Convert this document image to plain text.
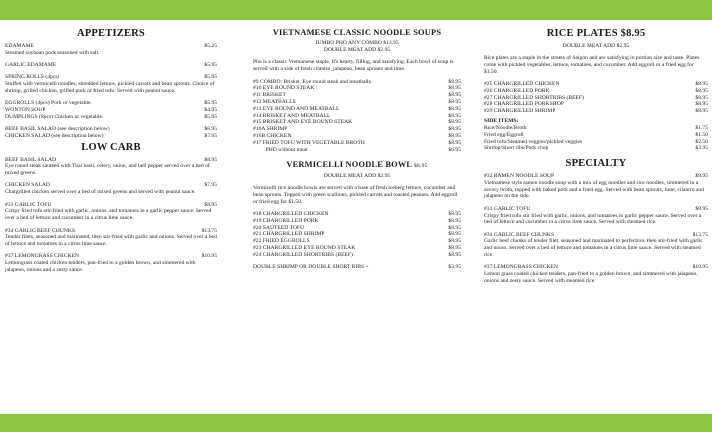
APPETIZERS
EDAMAME	$5.25
Steamed soybean pods seasoned with salt.
GARLIC EDAMAME	$5.95
SPRING ROLLS (4pcs)	$5.95
Stuffed with vermicelli noodles, shredded lettuce, pickled carrots and bean sprouts. Choice of shrimp, grilled chicken, grilled pork or fried tofu. Served with peanut sauce.
EGGROLLS (4pcs) Pork or vegetable.	$5.95
WONTON SOUP	$4.95
DUMPLINGS (8pcs) Chicken or vegetable.	$5.95
BEEF BASIL SALAD (see description below)	$8.95
CHICKEN SALAD (see description below)	$7.95
LOW CARB
BEEF BASIL SALAD	$8.95
Eye round steak sautéed with Thai basil, celery, onion, and bell pepper served over a bed of mixed greens.
CHICKEN SALAD	$7.95
Chargrilled chicken served over a bed of mixed greens and served with peanut sauce.
#33 GARLIC TOFU	$8.95
Crispy fried tofu stir-fried with garlic, onions, and tomatoes in a garlic pepper sauce. Served over a bed of lettuce and cucumber in a citrus lime sauce.
#34 GARLIC BEEF CHUNKS	$13.75
Tender filets, seasoned and marinated, then stir-fried with garlic and onions. Served over a bed of lettuce and tomatoes in a citrus lime sauce.
#37 LEMONGRASS CHICKEN	$10.95
Lemongrass coated chicken tenders, pan-fried to a golden brown, and simmered with jalapeno, onions and a zesty sauce.
VIETNAMESE CLASSIC NOODLE SOUPS
JUMBO PHO ANY COMBO $13.95
DOUBLE MEAT ADD $2.95
Pho is a classic Vietnamese staple. It's hearty, filling, and satisfying. Each bowl of soup is served with a side of fresh cilantro, jalapeno, bean sprouts and lime.
#9 COMBO: Brisket, Eye round steak and meatballs.	$8.95
#10 EYE ROUND STEAK	$8.95
#11 BRISKET	$8.95
#12 MEATBALLS	$8.95
#13 EYE ROUND AND MEATBALL	$8.95
#14 BRISKET AND MEATBALL	$8.95
#15 BRISKET AND EYE ROUND STEAK	$8.95
#16A SHRIMP	$8.95
#16B CHICKEN	$8.95
#17 FRIED TOFU WITH VEGETABLE BROTH	$8.95
PHO without meat	$6.95
VERMICELLI NOODLE BOWL $8.95
DOUBLE MEAT ADD $2.95
Vermicelli rice noodle bowls are served with a base of fresh iceberg lettuce, cucumber and bean sprouts. Topped with green scallions, pickled carrots and roasted peanuts. Add eggroll or fried egg for $1.50.
#18 CHARGRILLED CHICKEN	$8.95
#19 CHARGRILLED PORK	$8.95
#20 SAUTEED TOFU	$8.95
#21 CHARGRILLED SHRIMP	$8.95
#22 FRIED EGGROLLS	$8.95
#23 CHARGRILLED EYE ROUND STEAK	$8.95
#24 CHARGRILLED SHORTRIBS (BEEF)	$8.95
DOUBLE SHRIMP OR DOUBLE SHORT RIBS +	$3.95
RICE PLATES $8.95
DOUBLE MEAT ADD $2.95
Rice plates are a staple in the streets of Saigon and are satisfying in portion size and taste. Plates come with pickled vegetables, lettuce, tomatoes, and cucumber. Add eggroll or a fried egg for $1.50.
#25 CHARGRILLED CHICKEN	$8.95
#26 CHARGRILLED PORK	$8.95
#27 CHARGRILLED SHORTRIBS (BEEF)	$8.95
#28 CHARGRILLED PORKSHOP	$8.95
#29 CHARGRILLED SHRIMP	$8.95
SIDE ITEMS:
Rice/Noodle/Broth	$1.75
Fried egg/Eggroll	$1.50
Fried tofu/Steamed veggies/pickled veggies	$2.50
Shrimp/Short ribs/Pork chop	$3.95
SPECIALTY
#32 RAMEN NOODLE SOUP	$9.95
Vietnamese style ramen noodle soup with a mix of egg noodles and rice noodles, simmered in a savory broth, topped with baked pork and a fried egg. Served with bean sprouts, lime, cilantro and jalapeno on the side.
#33 GARLIC TOFU	$8.95
Crispy fried tofu stir fried with garlic, onions, and tomatoes in garlic pepper sauce. Served over a bed of lettuce and cucumber in a citrus lime sauce. Served with steamed rice.
#34 GARLIC BEEF CHUNKS	$13.75
Garlic beef chunks of tender filet, seasoned and marinated to perfection, then stir-fried with garlic and onion. Served over a bed of lettuce and tomatoes in a citrus lime sauce. Served with steamed rice.
#37 LEMONGRASS CHICKEN	$10.95
Lemon grass coated chicken tenders, pan-fried to a golden brown, and simmered with jalapeno, onions and zesty sauce. Served with steamed rice.
